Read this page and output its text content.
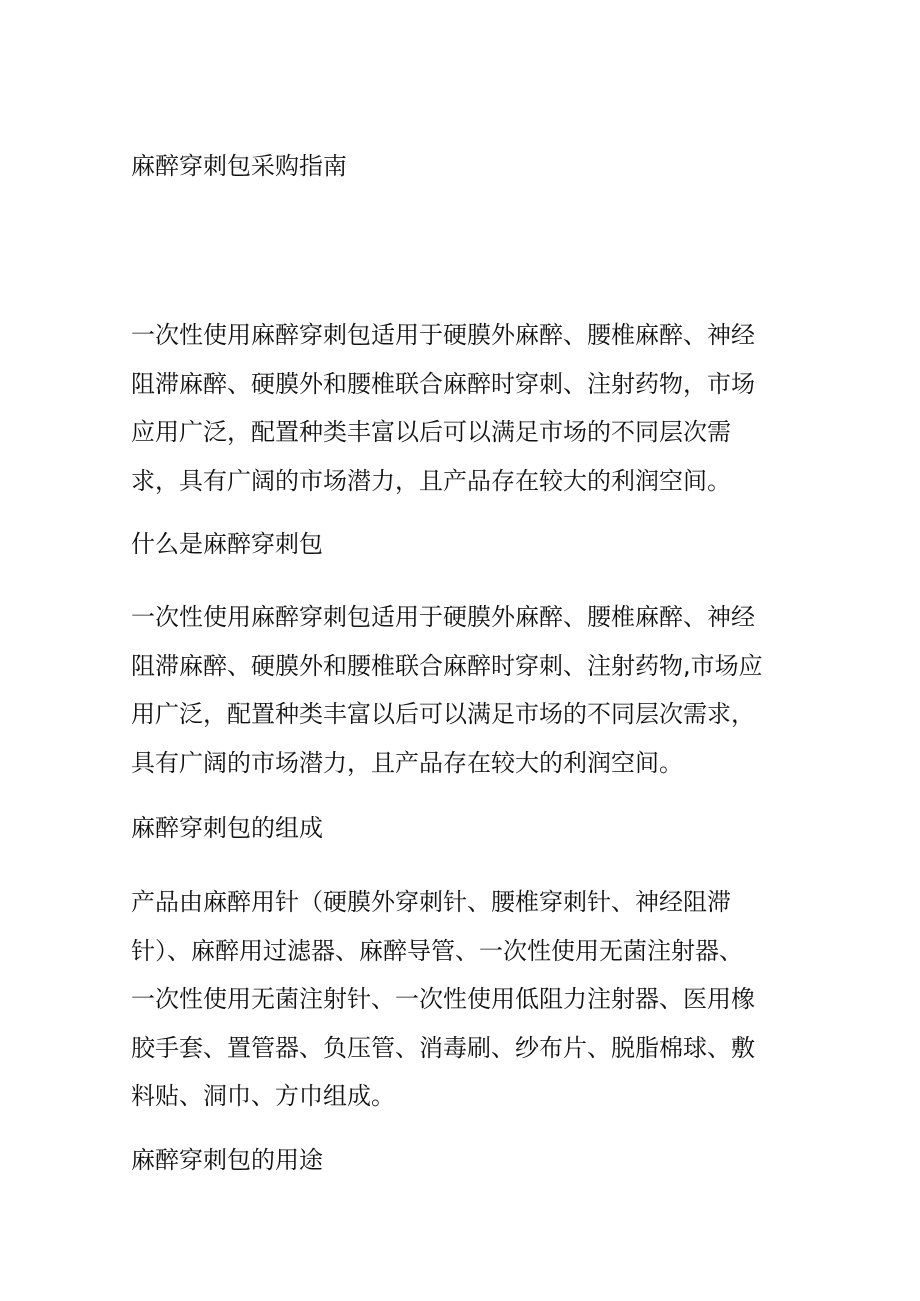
麻醉穿刺包采购指南

一次性使用麻醉穿刺包适用于硬膜外麻醉、腰椎麻醉、神经
阻滞麻醉、硬膜外和腰椎联合麻醉时穿刺、注射药物，市场
应用广泛，配置种类丰富以后可以满足市场的不同层次需
求，具有广阔的市场潜力，且产品存在较大的利润空间。

什么是麻醉穿刺包

一次性使用麻醉穿刺包适用于硬膜外麻醉、腰椎麻醉、神经
阻滞麻醉、硬膜外和腰椎联合麻醉时穿刺、注射药物,市场应
用广泛，配置种类丰富以后可以满足市场的不同层次需求，
具有广阔的市场潜力，且产品存在较大的利润空间。

麻醉穿刺包的组成

产品由麻醉用针（硬膜外穿刺针、腰椎穿刺针、神经阻滞
针）、麻醉用过滤器、麻醉导管、一次性使用无菌注射器、
一次性使用无菌注射针、一次性使用低阻力注射器、医用橡
胶手套、置管器、负压管、消毒刷、纱布片、脱脂棉球、敷
料贴、洞巾、方巾组成。

麻醉穿刺包的用途
